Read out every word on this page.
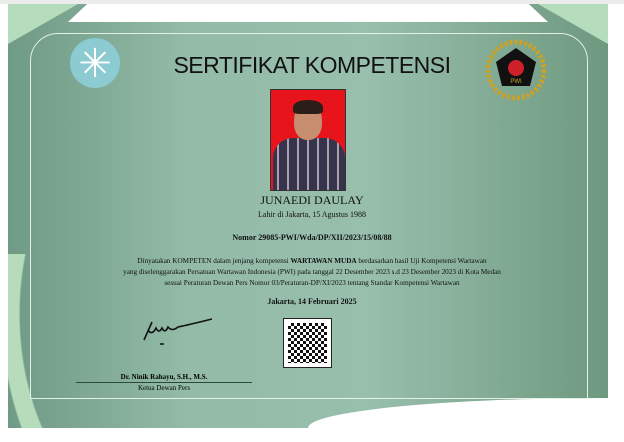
✳	PWI
SERTIFIKAT KOMPETENSI
JUNAEDI DAULAY
Lahir di Jakarta, 15 Agustus 1988
Nomor 29085-PWI/Wda/DP/XII/2023/15/08/88
Dinyatakan KOMPETEN dalam jenjang kompetensi WARTAWAN MUDA berdasarkan hasil Uji Kompetensi Wartawan
yang diselenggarakan Persatuan Wartawan Indonesia (PWI) pada tanggal 22 Desember 2023 s.d 23 Desember 2023 di Kota Medan
sesuai Peraturan Dewan Pers Nomor 03/Peraturan-DP/XI/2023 tentang Standar Kompetensi Wartawan
Jakarta, 14 Februari 2025
Dr. Ninik Rahayu, S.H., M.S.
Ketua Dewan Pers
